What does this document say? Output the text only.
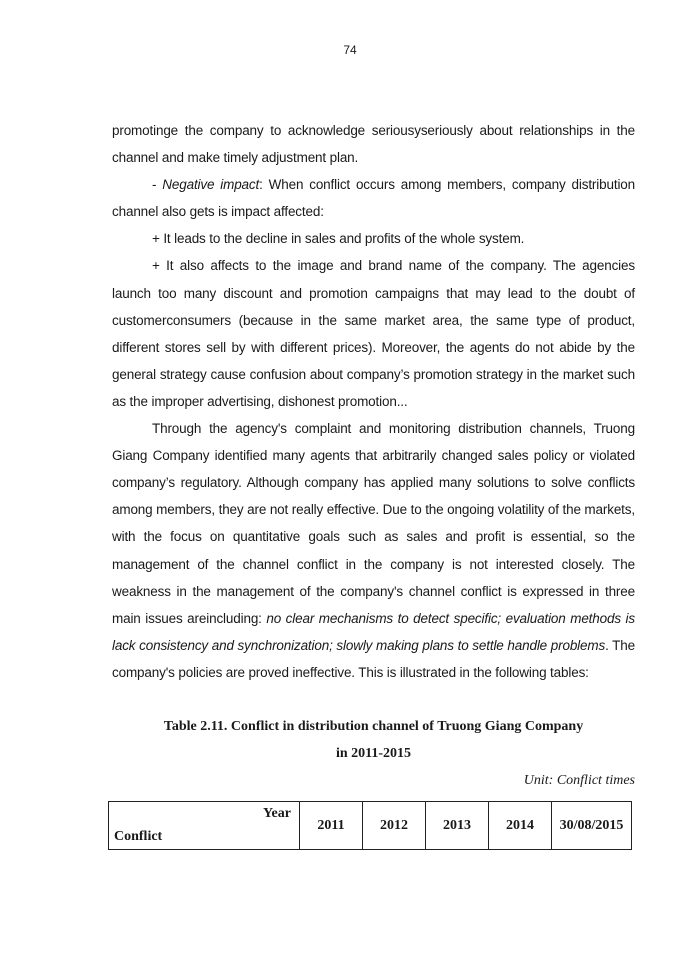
74

promotinge the company to acknowledge seriousyseriously about relationships in the channel and make timely adjustment plan.

- Negative impact: When conflict occurs among members, company distribution channel also gets is impact affected:

+ It leads to the decline in sales and profits of the whole system.

+ It also affects to the image and brand name of the company. The agencies launch too many discount and promotion campaigns that may lead to the doubt of customerconsumers (because in the same market area, the same type of product, different stores sell by with different prices). Moreover, the agents do not abide by the general strategy cause confusion about company’s promotion strategy in the market such as the improper advertising, dishonest promotion...

Through the agency's complaint and monitoring distribution channels, Truong Giang Company identified many agents that arbitrarily changed sales policy or violated company’s regulatory. Although company has applied many solutions to solve conflicts among members, they are not really effective. Due to the ongoing volatility of the markets, with the focus on quantitative goals such as sales and profit is essential, so the management of the channel conflict in the company is not interested closely. The weakness in the management of the company's channel conflict is expressed in three main issues areincluding: no clear mechanisms to detect specific; evaluation methods is lack consistency and synchronization; slowly making plans to settle handle problems. The company's policies are proved ineffective. This is illustrated in the following tables:

Table 2.11. Conflict in distribution channel of Truong Giang Company
in 2011-2015
Unit: Conflict times
Year
Conflict
	2011	2012	2013	2014	30/08/2015
